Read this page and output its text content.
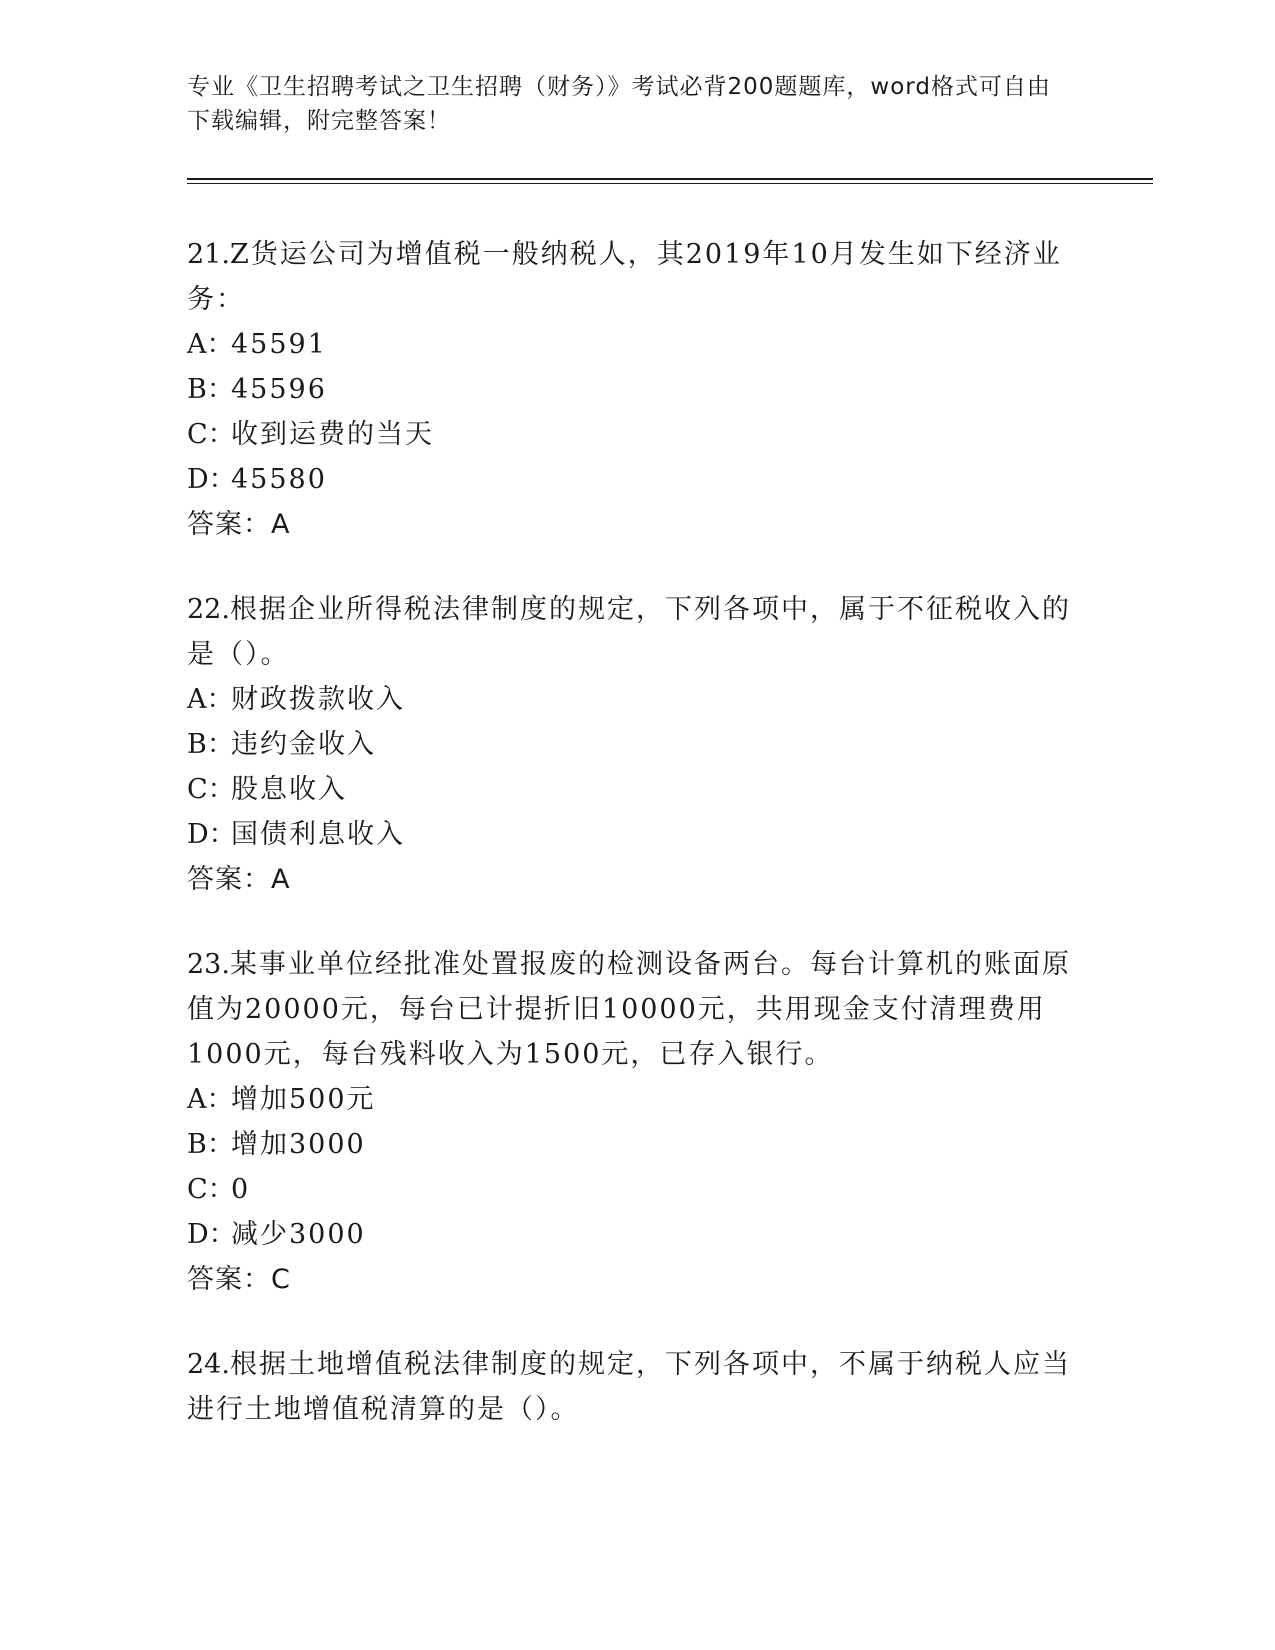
专业《卫生招聘考试之卫生招聘（财务）》考试必背200题题库，word格式可自由下载编辑，附完整答案！

21.Z货运公司为增值税一般纳税人，其2019年10月发生如下经济业务：

A：
45591
B：
45596
C：
收到运费的当天
D：
45580
答案：A

22.根据企业所得税法律制度的规定，下列各项中，属于不征税收入的是（）。

A：
财政拨款收入
B：
违约金收入
C：
股息收入
D：
国债利息收入
答案：A

23.某事业单位经批准处置报废的检测设备两台。每台计算机的账面原值为20000元，每台已计提折旧10000元，共用现金支付清理费用1000元，每台残料收入为1500元，已存入银行。

A：
增加500元
B：
增加3000
C：
0
D：
减少3000
答案：C

24.根据土地增值税法律制度的规定，下列各项中，不属于纳税人应当进行土地增值税清算的是（）。
